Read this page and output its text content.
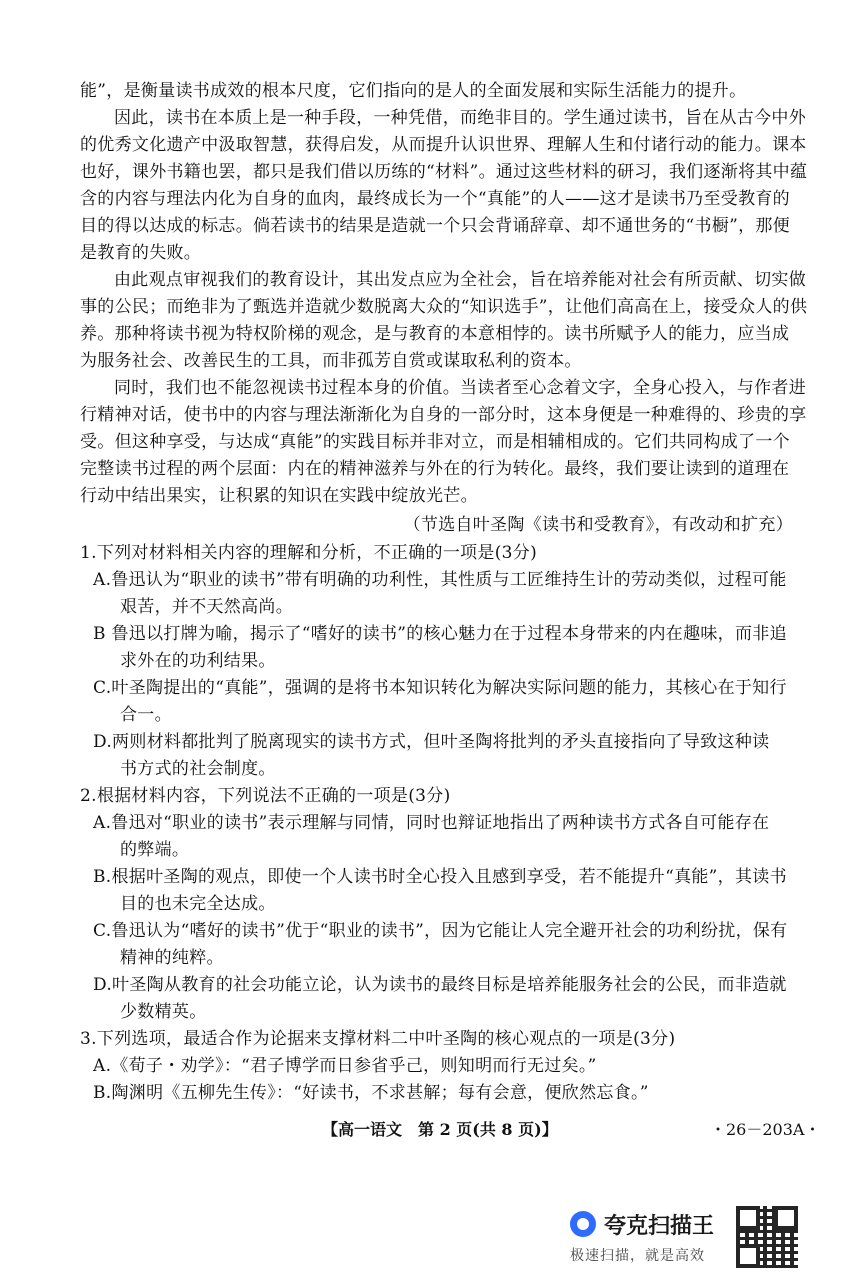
能”，是衡量读书成效的根本尺度，它们指向的是人的全面发展和实际生活能力的提升。
因此，读书在本质上是一种手段，一种凭借，而绝非目的。学生通过读书，旨在从古今中外
的优秀文化遗产中汲取智慧，获得启发，从而提升认识世界、理解人生和付诸行动的能力。课本
也好，课外书籍也罢，都只是我们借以历练的“材料”。通过这些材料的研习，我们逐渐将其中蕴
含的内容与理法内化为自身的血肉，最终成长为一个“真能”的人——这才是读书乃至受教育的
目的得以达成的标志。倘若读书的结果是造就一个只会背诵辞章、却不通世务的“书橱”，那便
是教育的失败。
由此观点审视我们的教育设计，其出发点应为全社会，旨在培养能对社会有所贡献、切实做
事的公民；而绝非为了甄选并造就少数脱离大众的“知识选手”，让他们高高在上，接受众人的供
养。那种将读书视为特权阶梯的观念，是与教育的本意相悖的。读书所赋予人的能力，应当成
为服务社会、改善民生的工具，而非孤芳自赏或谋取私利的资本。
同时，我们也不能忽视读书过程本身的价值。当读者至心念着文字，全身心投入，与作者进
行精神对话，使书中的内容与理法渐渐化为自身的一部分时，这本身便是一种难得的、珍贵的享
受。但这种享受，与达成“真能”的实践目标并非对立，而是相辅相成的。它们共同构成了一个
完整读书过程的两个层面：内在的精神滋养与外在的行为转化。最终，我们要让读到的道理在
行动中结出果实，让积累的知识在实践中绽放光芒。
（节选自叶圣陶《读书和受教育》，有改动和扩充）
1.下列对材料相关内容的理解和分析，不正确的一项是(3分)
A.鲁迅认为“职业的读书”带有明确的功利性，其性质与工匠维持生计的劳动类似，过程可能
艰苦，并不天然高尚。
B 鲁迅以打牌为喻，揭示了“嗜好的读书”的核心魅力在于过程本身带来的内在趣味，而非追
求外在的功利结果。
C.叶圣陶提出的“真能”，强调的是将书本知识转化为解决实际问题的能力，其核心在于知行
合一。
D.两则材料都批判了脱离现实的读书方式，但叶圣陶将批判的矛头直接指向了导致这种读
书方式的社会制度。
2.根据材料内容，下列说法不正确的一项是(3分)
A.鲁迅对“职业的读书”表示理解与同情，同时也辩证地指出了两种读书方式各自可能存在
的弊端。
B.根据叶圣陶的观点，即使一个人读书时全心投入且感到享受，若不能提升“真能”，其读书
目的也未完全达成。
C.鲁迅认为“嗜好的读书”优于“职业的读书”，因为它能让人完全避开社会的功利纷扰，保有
精神的纯粹。
D.叶圣陶从教育的社会功能立论，认为读书的最终目标是培养能服务社会的公民，而非造就
少数精英。
3.下列选项，最适合作为论据来支撑材料二中叶圣陶的核心观点的一项是(3分)
A.《荀子・劝学》：“君子博学而日参省乎己，则知明而行无过矣。”
B.陶渊明《五柳先生传》：“好读书，不求甚解；每有会意，便欣然忘食。”
【高一语文　第 2 页(共 8 页)】	・26－203A・
夸克扫描王
极速扫描，就是高效
